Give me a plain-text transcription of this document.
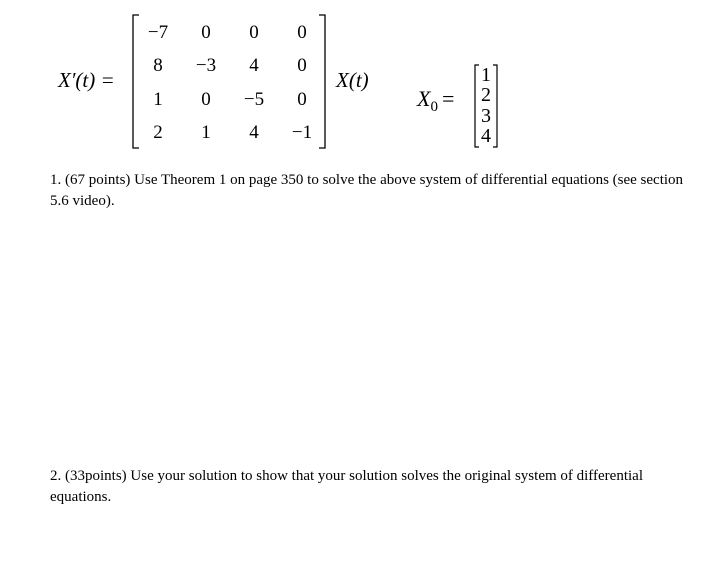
X′(t) =
−7	0	0	0
8	−3	4	0
1	0	−5	0
2	1	4	−1
X(t)
$X_0$ =
1
2
3
4
1. (67 points) Use Theorem 1 on page 350 to solve the above system of differential equations (see section 5.6 video).
2. (33points) Use your solution to show that your solution solves the original system of differential equations.
